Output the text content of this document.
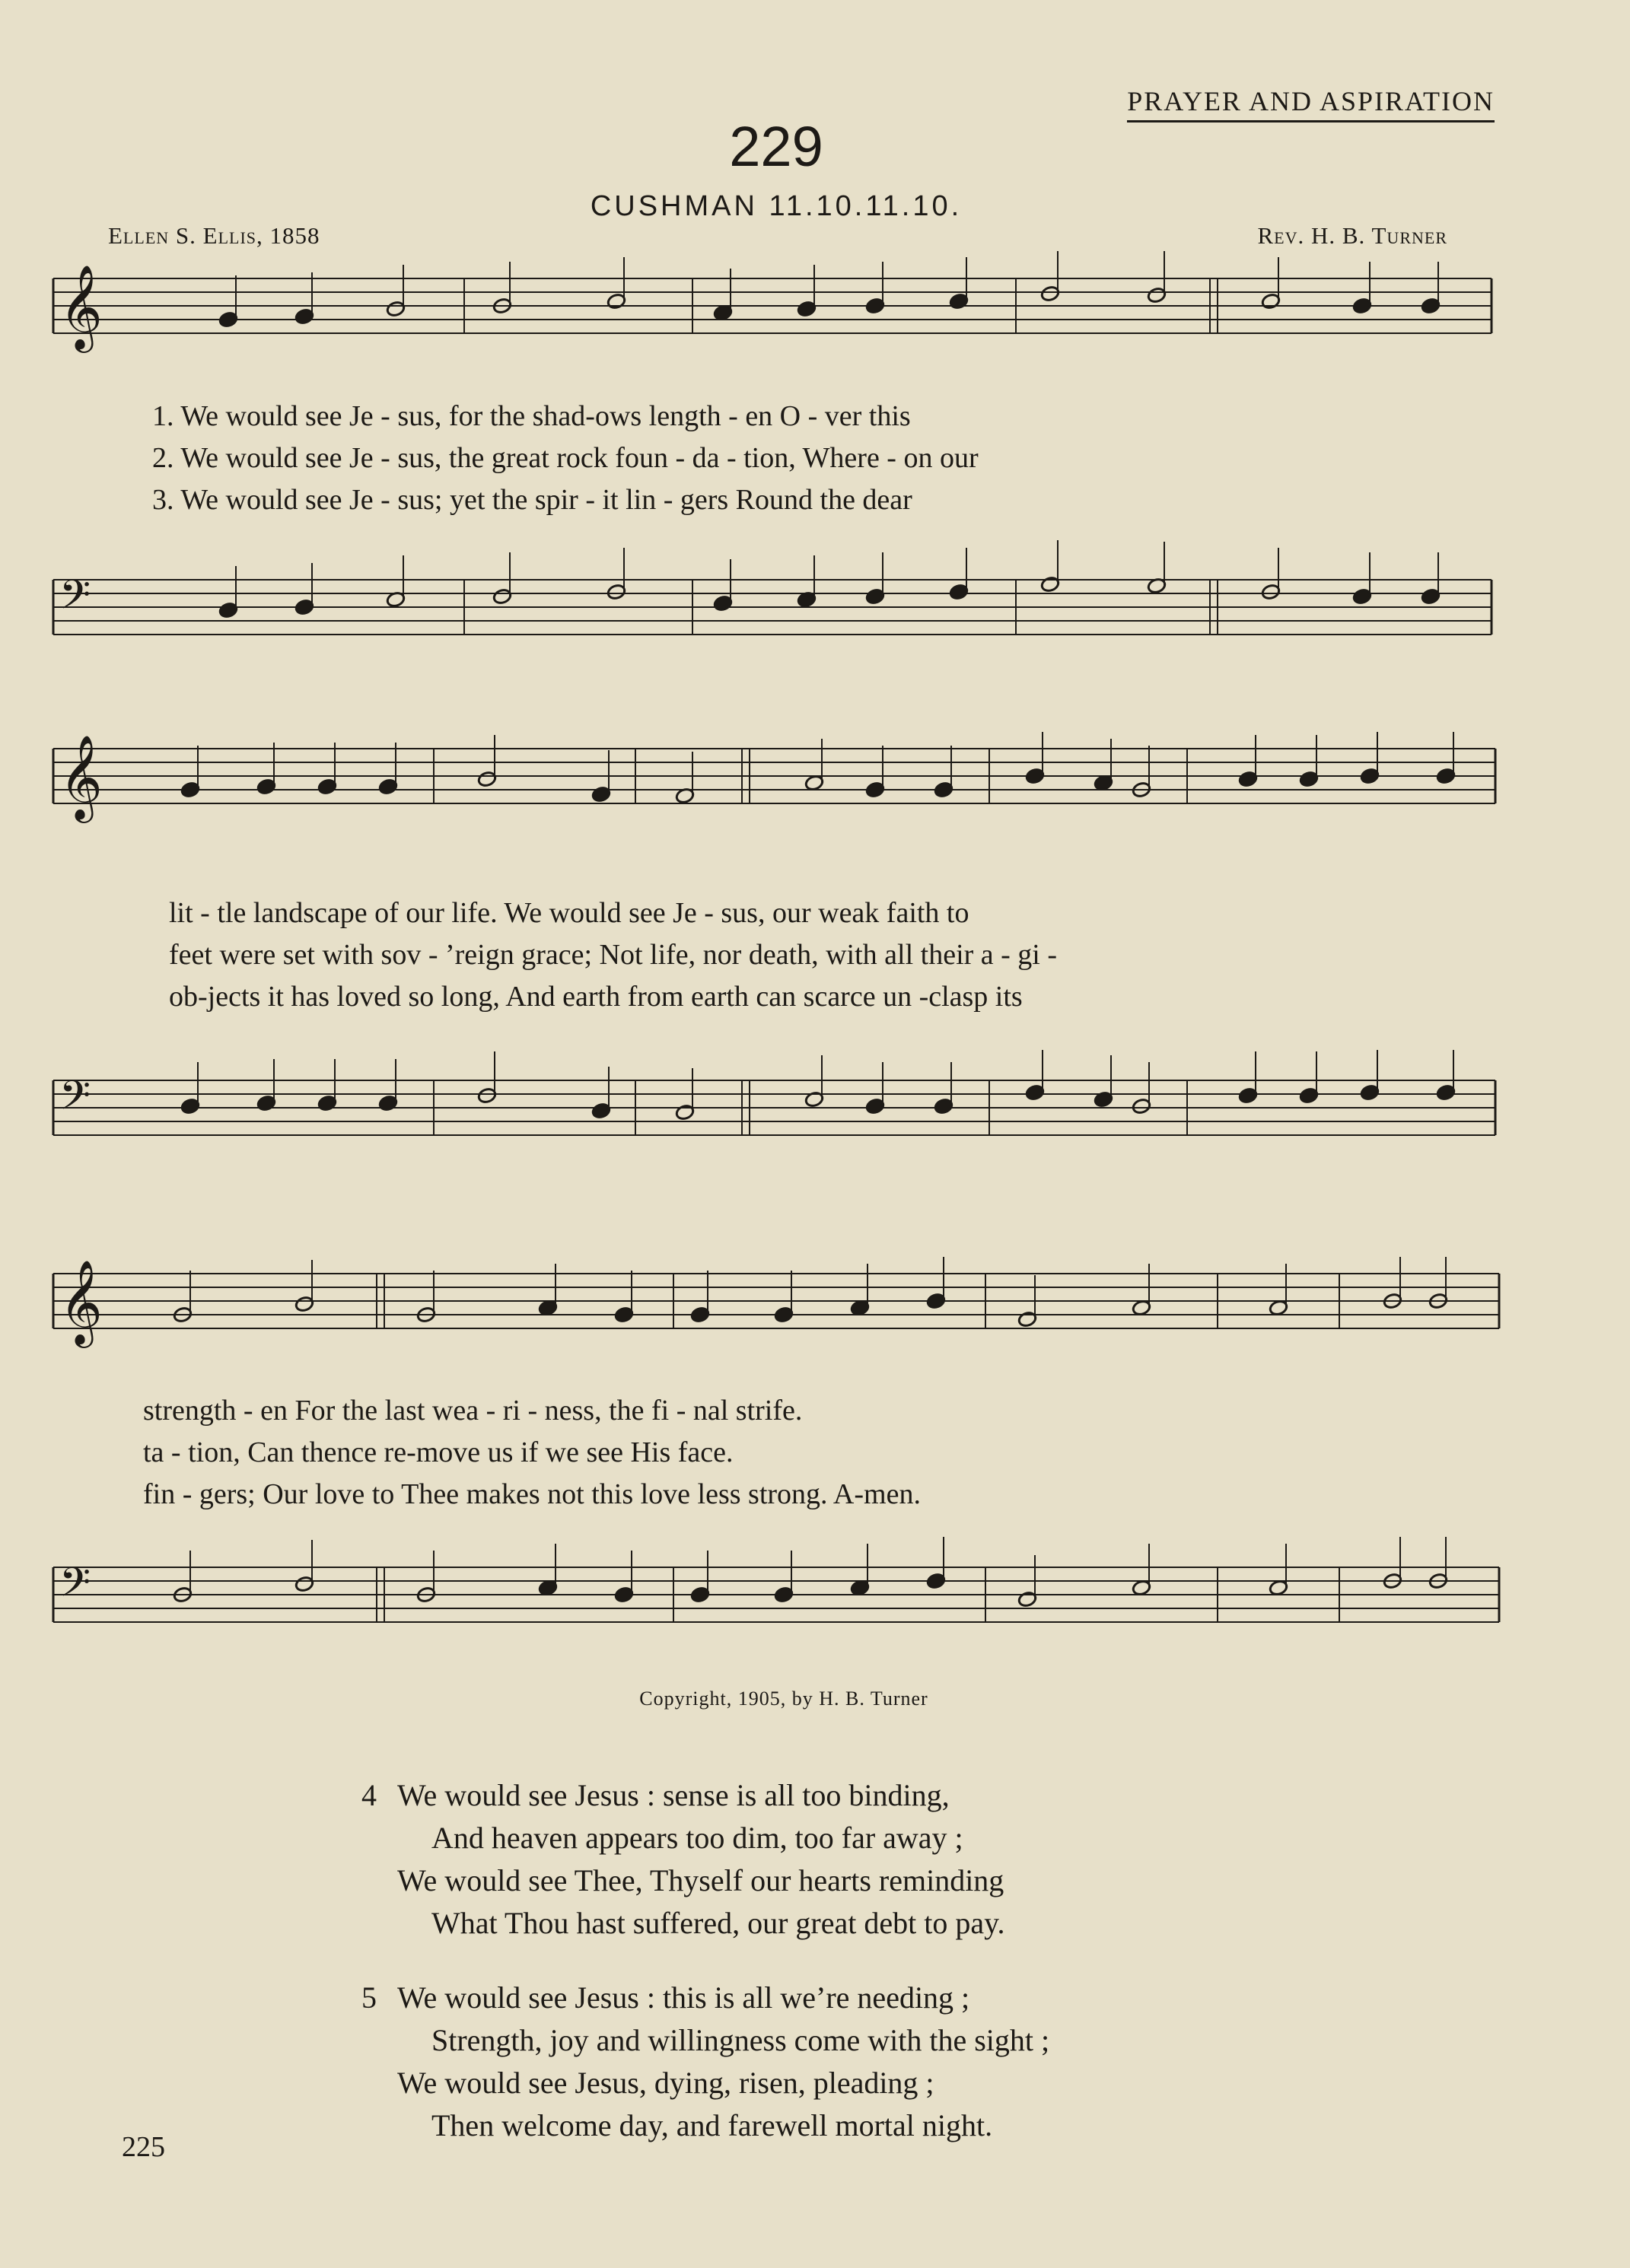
PRAYER AND ASPIRATION
229
CUSHMAN 11.10.11.10.
Ellen S. Ellis, 1858	Rev. H. B. Turner
𝄞
1. We would see Je - sus, for the shad-ows length - en O - ver this
2. We would see Je - sus, the great rock foun - da - tion, Where - on our
3. We would see Je - sus; yet the spir - it lin - gers Round the dear
𝄢
𝄞
lit - tle landscape of our life. We would see Je - sus, our weak faith to
feet were set with sov - ’reign grace; Not life, nor death, with all their a - gi -
ob-jects it has loved so long, And earth from earth can scarce un -clasp its
𝄢
𝄞
strength - en For the last wea - ri - ness, the fi - nal strife.
ta - tion, Can thence re-move us if we see His face.
fin - gers; Our love to Thee makes not this love less strong. A-men.
𝄢
Copyright, 1905, by H. B. Turner
4 We would see Jesus : sense is all too binding,
And heaven appears too dim, too far away ;
We would see Thee, Thyself our hearts reminding
What Thou hast suffered, our great debt to pay.
5 We would see Jesus : this is all we’re needing ;
Strength, joy and willingness come with the sight ;
We would see Jesus, dying, risen, pleading ;
Then welcome day, and farewell mortal night.
225
